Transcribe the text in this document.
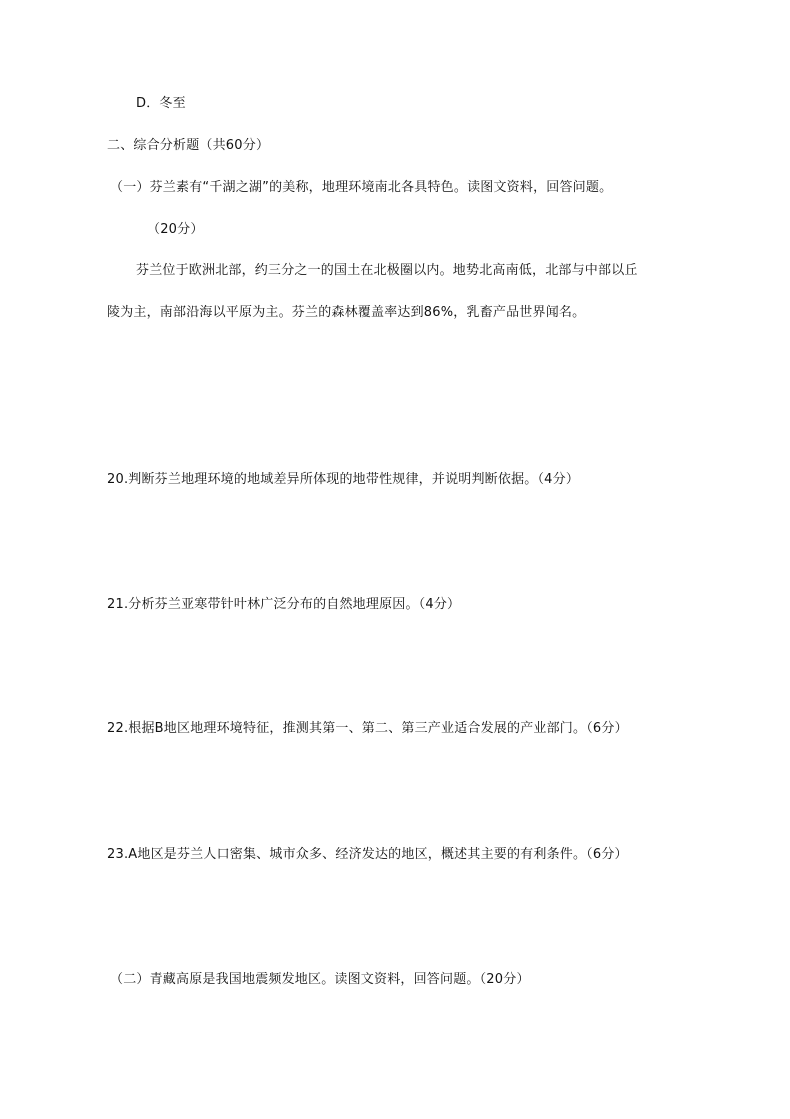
D．冬至
二、综合分析题（共60分）
（一）芬兰素有“千湖之湖”的美称，地理环境南北各具特色。读图文资料，回答问题。
（20分）
芬兰位于欧洲北部，约三分之一的国土在北极圈以内。地势北高南低，北部与中部以丘
陵为主，南部沿海以平原为主。芬兰的森林覆盖率达到86%，乳畜产品世界闻名。
20.判断芬兰地理环境的地域差异所体现的地带性规律，并说明判断依据。（4分）
21.分析芬兰亚寒带针叶林广泛分布的自然地理原因。（4分）
22.根据B地区地理环境特征，推测其第一、第二、第三产业适合发展的产业部门。（6分）
23.A地区是芬兰人口密集、城市众多、经济发达的地区，概述其主要的有利条件。（6分）
（二）青藏高原是我国地震频发地区。读图文资料，回答问题。（20分）
